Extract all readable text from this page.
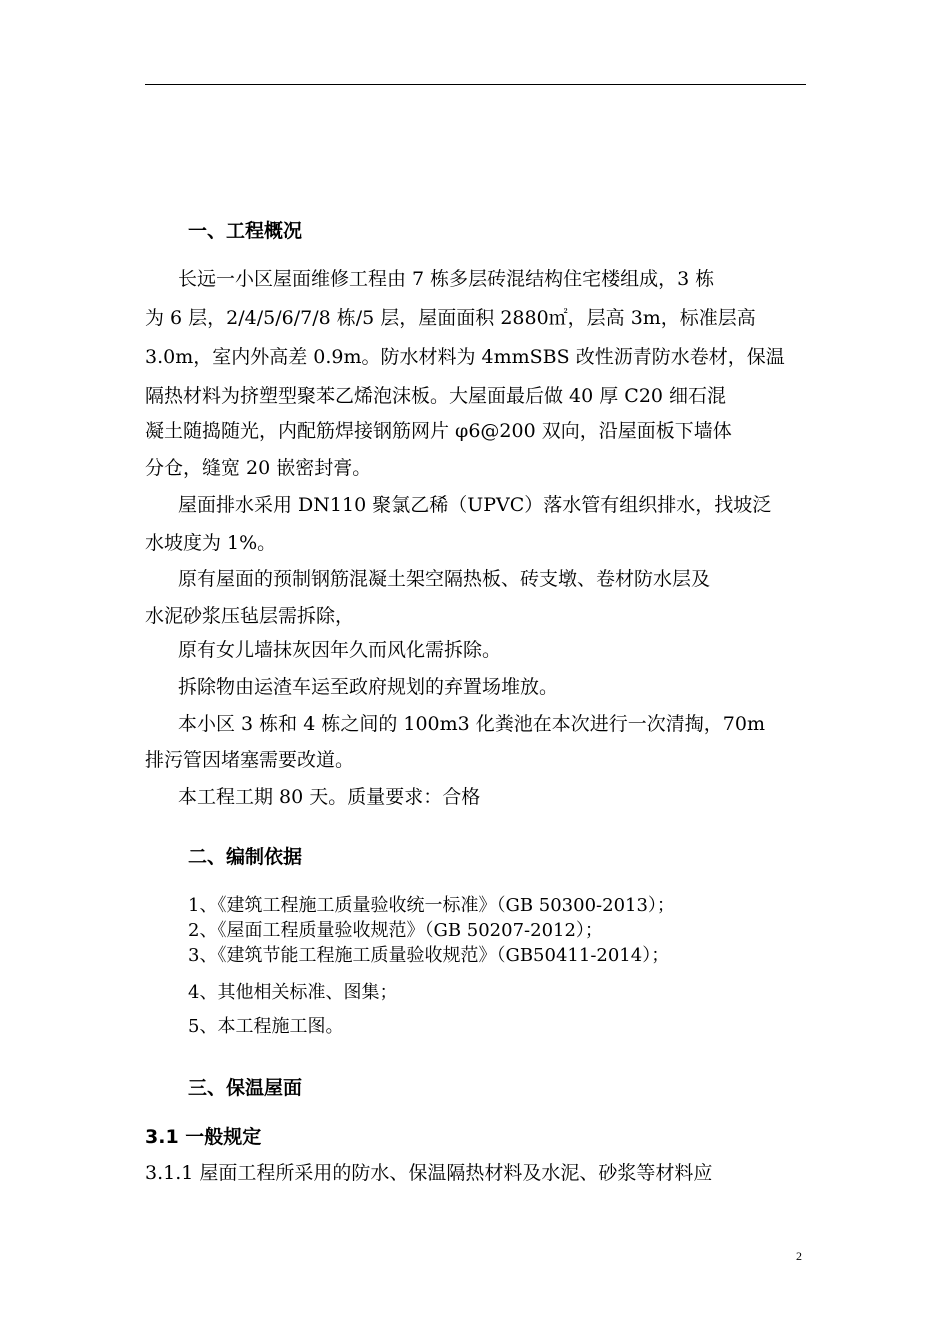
一、工程概况
长远一小区屋面维修工程由 7 栋多层砖混结构住宅楼组成，3 栋
为 6 层，2/4/5/6/7/8 栋/5 层，屋面面积 2880㎡，层高 3m，标准层高
3.0m，室内外高差 0.9m。防水材料为 4mmSBS 改性沥青防水卷材，保温
隔热材料为挤塑型聚苯乙烯泡沫板。大屋面最后做 40 厚 C20 细石混
凝土随捣随光，内配筋焊接钢筋网片 φ6@200 双向，沿屋面板下墙体
分仓，缝宽 20 嵌密封膏。
屋面排水采用 DN110 聚氯乙稀（UPVC）落水管有组织排水，找坡泛
水坡度为 1%。
原有屋面的预制钢筋混凝土架空隔热板、砖支墩、卷材防水层及
水泥砂浆压毡层需拆除，
原有女儿墙抹灰因年久而风化需拆除。
拆除物由运渣车运至政府规划的弃置场堆放。
本小区 3 栋和 4 栋之间的 100m3 化粪池在本次进行一次清掏，70m
排污管因堵塞需要改道。
本工程工期 80 天。质量要求：合格
二、编制依据
1、《建筑工程施工质量验收统一标准》（GB 50300-2013）；
2、《屋面工程质量验收规范》（GB 50207-2012）；
3、《建筑节能工程施工质量验收规范》（GB50411-2014）；
4、其他相关标准、图集；
5、本工程施工图。
三、保温屋面
3.1 一般规定
3.1.1 屋面工程所采用的防水、保温隔热材料及水泥、砂浆等材料应
2
